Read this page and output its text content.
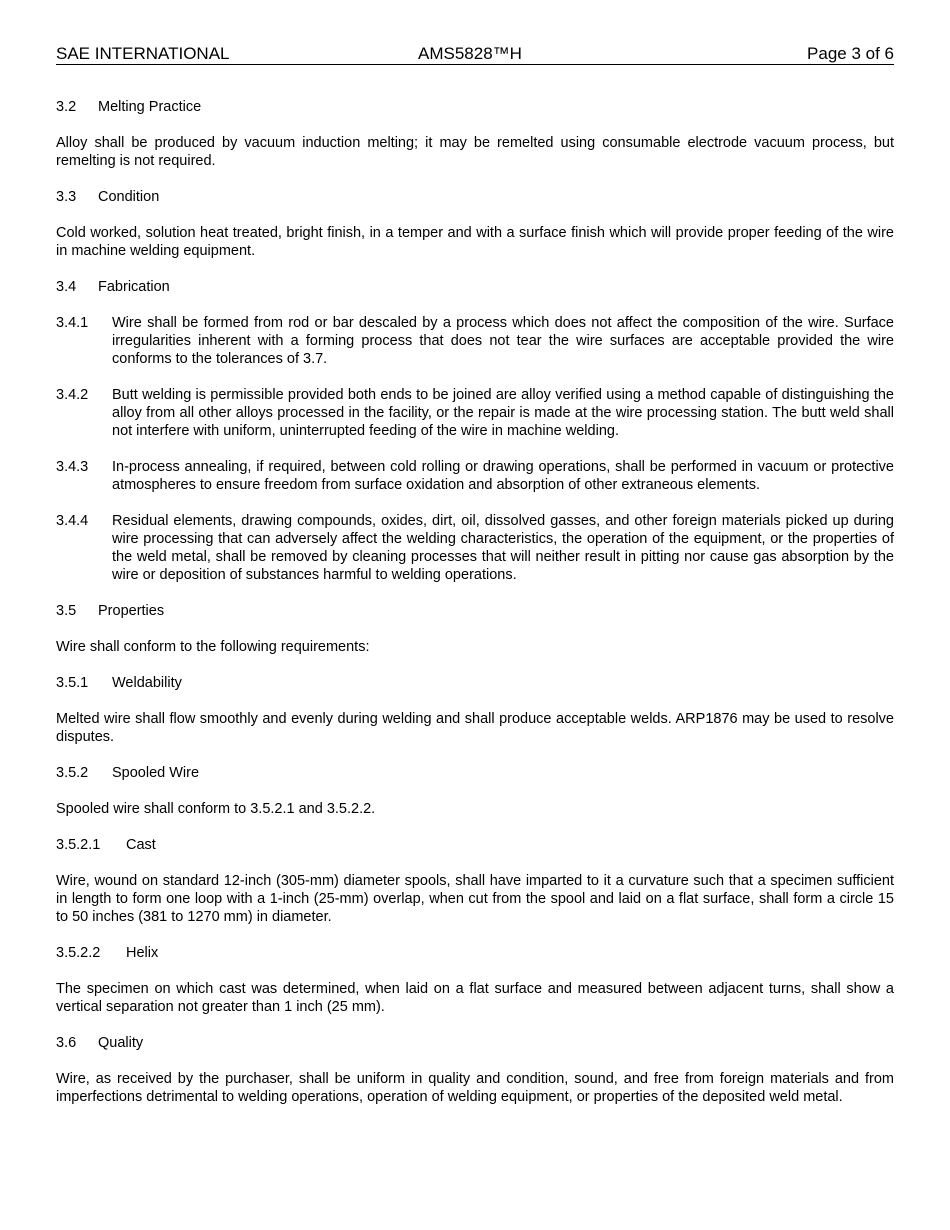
SAE INTERNATIONAL	AMS5828™H	Page 3 of 6
3.2	Melting Practice

Alloy shall be produced by vacuum induction melting; it may be remelted using consumable electrode vacuum process, but remelting is not required.

3.3	Condition

Cold worked, solution heat treated, bright finish, in a temper and with a surface finish which will provide proper feeding of the wire in machine welding equipment.

3.4	Fabrication
3.4.1	Wire shall be formed from rod or bar descaled by a process which does not affect the composition of the wire. Surface irregularities inherent with a forming process that does not tear the wire surfaces are acceptable provided the wire conforms to the tolerances of 3.7.
3.4.2	Butt welding is permissible provided both ends to be joined are alloy verified using a method capable of distinguishing the alloy from all other alloys processed in the facility, or the repair is made at the wire processing station. The butt weld shall not interfere with uniform, uninterrupted feeding of the wire in machine welding.
3.4.3	In-process annealing, if required, between cold rolling or drawing operations, shall be performed in vacuum or protective atmospheres to ensure freedom from surface oxidation and absorption of other extraneous elements.
3.4.4	Residual elements, drawing compounds, oxides, dirt, oil, dissolved gasses, and other foreign materials picked up during wire processing that can adversely affect the welding characteristics, the operation of the equipment, or the properties of the weld metal, shall be removed by cleaning processes that will neither result in pitting nor cause gas absorption by the wire or deposition of substances harmful to welding operations.
3.5	Properties

Wire shall conform to the following requirements:

3.5.1	Weldability

Melted wire shall flow smoothly and evenly during welding and shall produce acceptable welds. ARP1876 may be used to resolve disputes.

3.5.2	Spooled Wire

Spooled wire shall conform to 3.5.2.1 and 3.5.2.2.

3.5.2.1	Cast

Wire, wound on standard 12-inch (305-mm) diameter spools, shall have imparted to it a curvature such that a specimen sufficient in length to form one loop with a 1-inch (25-mm) overlap, when cut from the spool and laid on a flat surface, shall form a circle 15 to 50 inches (381 to 1270 mm) in diameter.

3.5.2.2	Helix

The specimen on which cast was determined, when laid on a flat surface and measured between adjacent turns, shall show a vertical separation not greater than 1 inch (25 mm).

3.6	Quality

Wire, as received by the purchaser, shall be uniform in quality and condition, sound, and free from foreign materials and from imperfections detrimental to welding operations, operation of welding equipment, or properties of the deposited weld metal.
